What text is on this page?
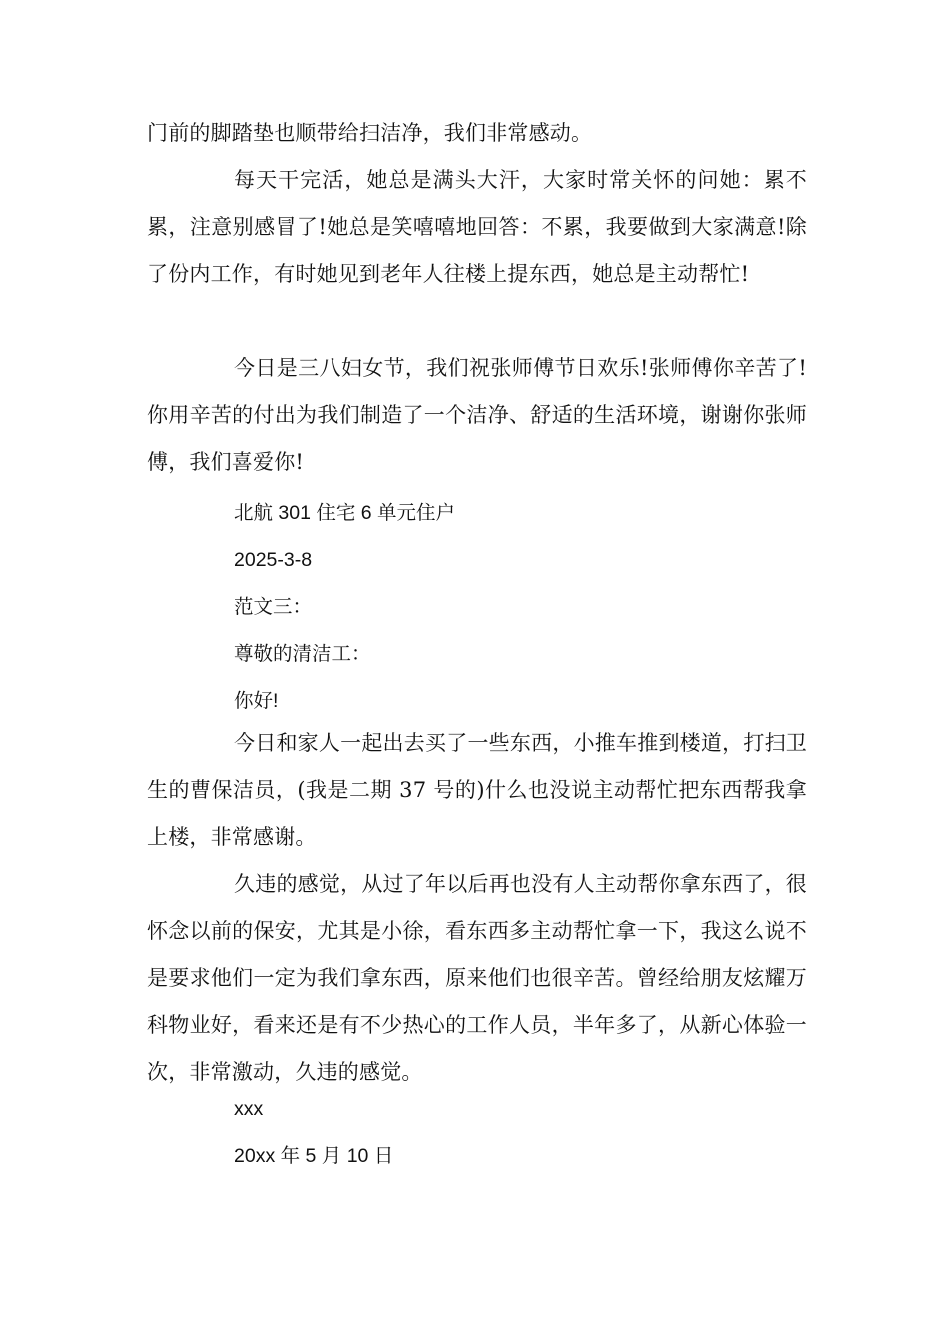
门前的脚踏垫也顺带给扫洁净，我们非常感动。

每天干完活，她总是满头大汗，大家时常关怀的问她：累不累，注意别感冒了!她总是笑嘻嘻地回答：不累，我要做到大家满意!除了份内工作，有时她见到老年人往楼上提东西，她总是主动帮忙!

今日是三八妇女节，我们祝张师傅节日欢乐!张师傅你辛苦了!你用辛苦的付出为我们制造了一个洁净、舒适的生活环境，谢谢你张师傅，我们喜爱你!

北航 301 住宅 6 单元住户

2025-3-8

范文三：

尊敬的清洁工：

你好!

今日和家人一起出去买了一些东西，小推车推到楼道，打扫卫生的曹保洁员，(我是二期 37 号的)什么也没说主动帮忙把东西帮我拿上楼，非常感谢。

久违的感觉，从过了年以后再也没有人主动帮你拿东西了，很怀念以前的保安，尤其是小徐，看东西多主动帮忙拿一下，我这么说不是要求他们一定为我们拿东西，原来他们也很辛苦。曾经给朋友炫耀万科物业好，看来还是有不少热心的工作人员，半年多了，从新心体验一次，非常激动，久违的感觉。

xxx

20xx 年 5 月 10 日
